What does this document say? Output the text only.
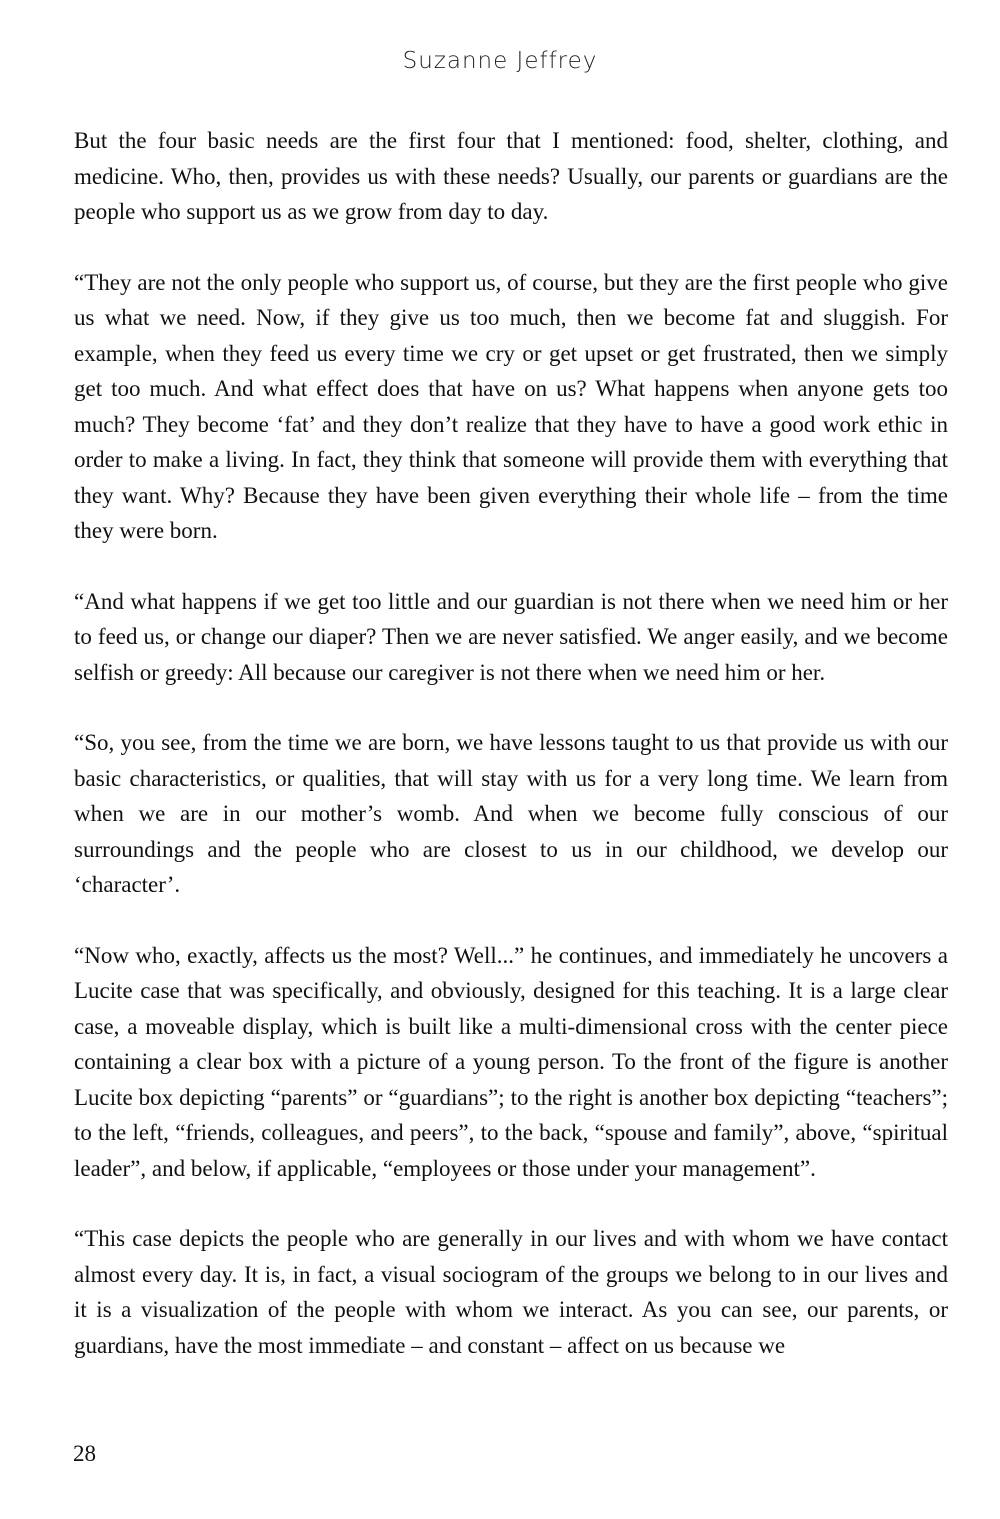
Suzanne Jeffrey

But the four basic needs are the first four that I mentioned: food, shelter, clothing, and medicine. Who, then, provides us with these needs? Usually, our parents or guardians are the people who support us as we grow from day to day.

“They are not the only people who support us, of course, but they are the first people who give us what we need. Now, if they give us too much, then we become fat and sluggish. For example, when they feed us every time we cry or get upset or get frustrated, then we simply get too much. And what effect does that have on us? What happens when anyone gets too much? They become ‘fat’ and they don’t realize that they have to have a good work ethic in order to make a living. In fact, they think that someone will provide them with everything that they want. Why? Because they have been given everything their whole life – from the time they were born.

“And what happens if we get too little and our guardian is not there when we need him or her to feed us, or change our diaper? Then we are never satisfied. We anger easily, and we become selfish or greedy: All because our caregiver is not there when we need him or her.

“So, you see, from the time we are born, we have lessons taught to us that provide us with our basic characteristics, or qualities, that will stay with us for a very long time. We learn from when we are in our mother’s womb. And when we become fully conscious of our surroundings and the people who are closest to us in our childhood, we develop our ‘character’.

“Now who, exactly, affects us the most? Well...” he continues, and immediately he uncovers a Lucite case that was specifically, and obviously, designed for this teaching. It is a large clear case, a moveable display, which is built like a multi-dimensional cross with the center piece containing a clear box with a picture of a young person. To the front of the figure is another Lucite box depicting “parents” or “guardians”; to the right is another box depicting “teachers”; to the left, “friends, colleagues, and peers”, to the back, “spouse and family”, above, “spiritual leader”, and below, if applicable, “employees or those under your management”.

“This case depicts the people who are generally in our lives and with whom we have contact almost every day. It is, in fact, a visual sociogram of the groups we belong to in our lives and it is a visualization of the people with whom we interact. As you can see, our parents, or guardians, have the most immediate – and constant – affect on us because we

28
